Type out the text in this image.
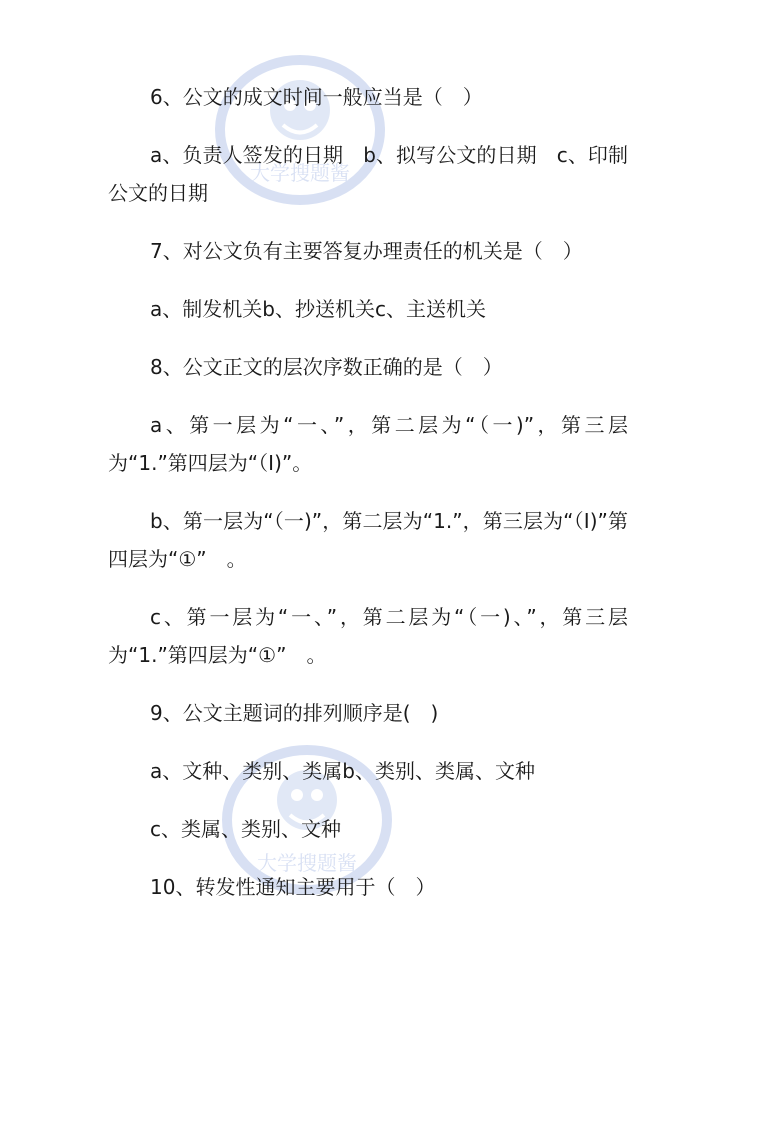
大学搜题酱
大学搜题酱

6、公文的成文时间一般应当是（　）

a、负责人签发的日期　b、拟写公文的日期　c、印制公文的日期

7、对公文负有主要答复办理责任的机关是（　）

a、制发机关b、抄送机关c、主送机关

8、公文正文的层次序数正确的是（　）

a、第一层为“一、”，第二层为“（一)”，第三层为“1.”第四层为“（Ⅰ)”。

b、第一层为“（一)”，第二层为“1.”，第三层为“（Ⅰ)”第四层为“①”　。

c、第一层为“一、”，第二层为“（一)、”，第三层为“1.”第四层为“①”　。

9、公文主题词的排列顺序是(　)

a、文种、类别、类属b、类别、类属、文种

c、类属、类别、文种

10、转发性通知主要用于（　）
